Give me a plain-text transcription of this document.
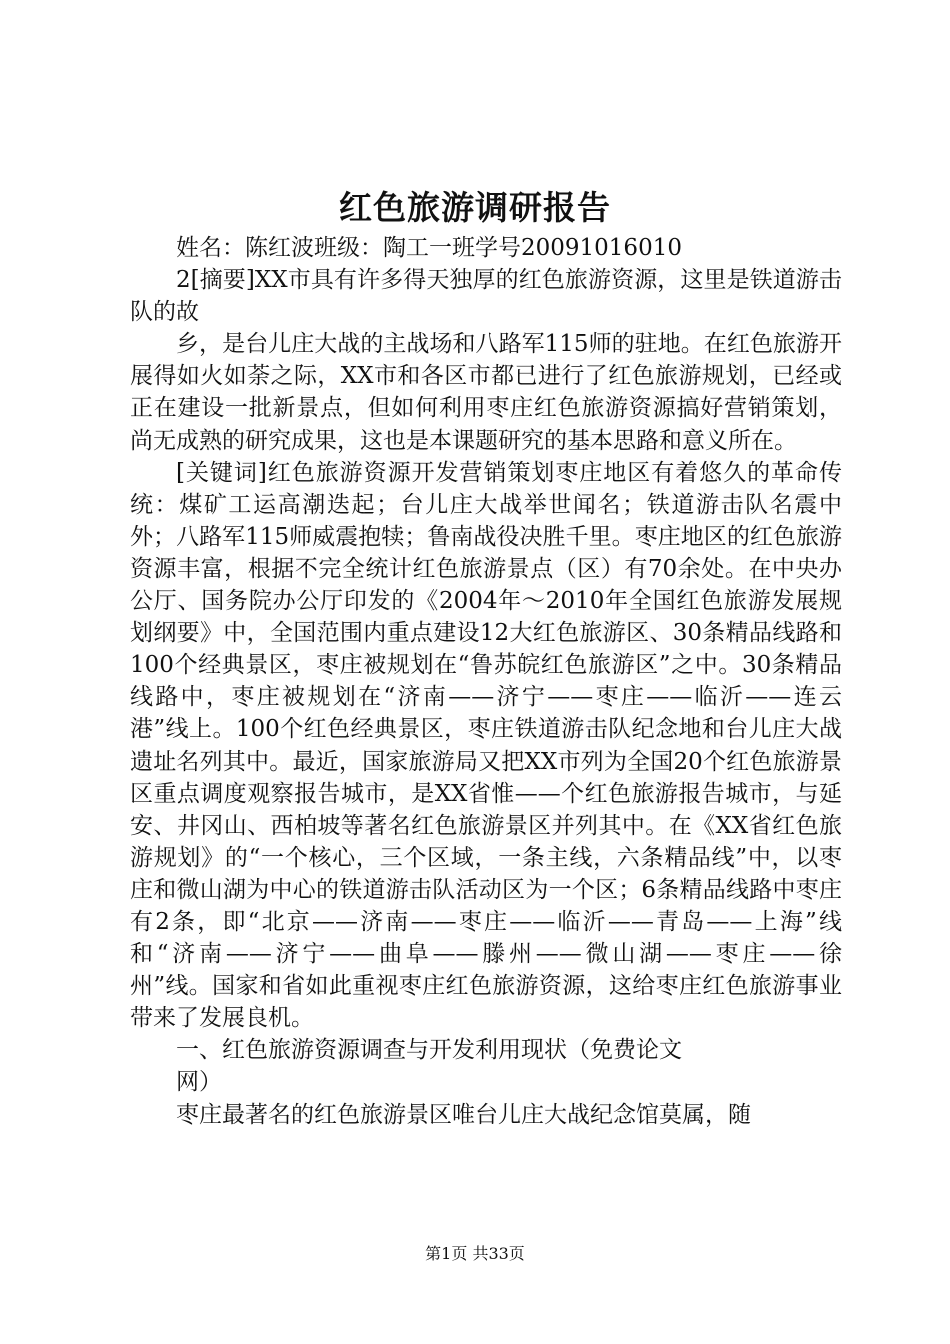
红色旅游调研报告

姓名：陈红波班级：陶工一班学号20091016010

2[摘要]XX市具有许多得天独厚的红色旅游资源，这里是铁道游击队的故

乡，是台儿庄大战的主战场和八路军115师的驻地。在红色旅游开展得如火如荼之际，XX市和各区市都已进行了红色旅游规划，已经或正在建设一批新景点，但如何利用枣庄红色旅游资源搞好营销策划，尚无成熟的研究成果，这也是本课题研究的基本思路和意义所在。

[关键词]红色旅游资源开发营销策划枣庄地区有着悠久的革命传统：煤矿工运高潮迭起；台儿庄大战举世闻名；铁道游击队名震中外；八路军115师威震抱犊；鲁南战役决胜千里。枣庄地区的红色旅游资源丰富，根据不完全统计红色旅游景点（区）有70余处。在中央办公厅、国务院办公厅印发的《2004年～2010年全国红色旅游发展规划纲要》中，全国范围内重点建设12大红色旅游区、30条精品线路和100个经典景区，枣庄被规划在“鲁苏皖红色旅游区”之中。30条精品线路中，枣庄被规划在“济南——济宁——枣庄——临沂——连云港”线上。100个红色经典景区，枣庄铁道游击队纪念地和台儿庄大战遗址名列其中。最近，国家旅游局又把XX市列为全国20个红色旅游景区重点调度观察报告城市，是XX省惟——个红色旅游报告城市，与延安、井冈山、西柏坡等著名红色旅游景区并列其中。在《XX省红色旅游规划》的“一个核心，三个区域，一条主线，六条精品线”中，以枣庄和微山湖为中心的铁道游击队活动区为一个区；6条精品线路中枣庄有2条，即“北京——济南——枣庄——临沂——青岛——上海”线和“济南——济宁——曲阜——滕州——微山湖——枣庄——徐州”线。国家和省如此重视枣庄红色旅游资源，这给枣庄红色旅游事业带来了发展良机。

一、红色旅游资源调查与开发利用现状（免费论文

网）

枣庄最著名的红色旅游景区唯台儿庄大战纪念馆莫属，随

第1页 共33页
